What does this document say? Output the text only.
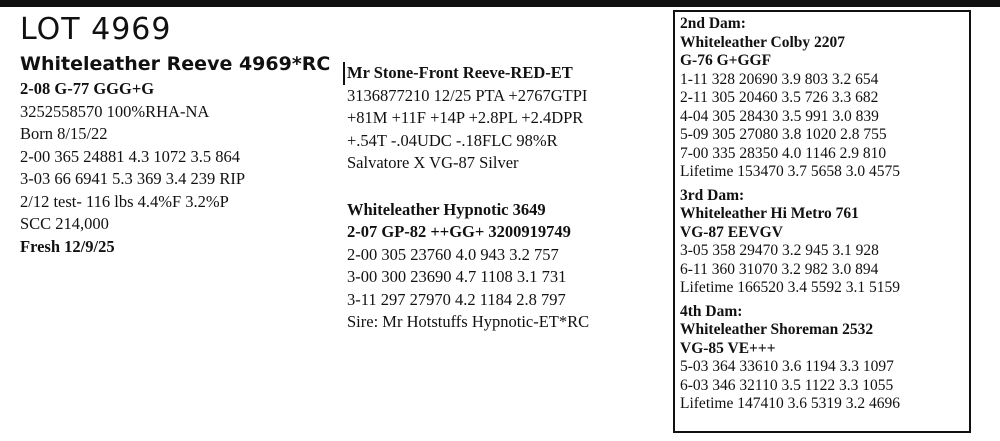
LOT 4969
Whiteleather Reeve 4969*RC
2-08 G-77 GGG+G
3252558570 100%RHA-NA
Born 8/15/22
2-00 365 24881 4.3 1072 3.5 864
3-03 66 6941 5.3 369 3.4 239 RIP
2/12 test- 116 lbs 4.4%F 3.2%P
SCC 214,000
Fresh 12/9/25
Mr Stone-Front Reeve-RED-ET
3136877210 12/25 PTA +2767GTPI
+81M +11F +14P +2.8PL +2.4DPR
+.54T -.04UDC -.18FLC 98%R
Salvatore X VG-87 Silver
Whiteleather Hypnotic 3649
2-07 GP-82 ++GG+ 3200919749
2-00 305 23760 4.0 943 3.2 757
3-00 300 23690 4.7 1108 3.1 731
3-11 297 27970 4.2 1184 2.8 797
Sire: Mr Hotstuffs Hypnotic-ET*RC
2nd Dam:
Whiteleather Colby 2207
G-76 G+GGF
1-11 328 20690 3.9 803 3.2 654
2-11 305 20460 3.5 726 3.3 682
4-04 305 28430 3.5 991 3.0 839
5-09 305 27080 3.8 1020 2.8 755
7-00 335 28350 4.0 1146 2.9 810
Lifetime 153470 3.7 5658 3.0 4575
3rd Dam:
Whiteleather Hi Metro 761
VG-87 EEVGV
3-05 358 29470 3.2 945 3.1 928
6-11 360 31070 3.2 982 3.0 894
Lifetime 166520 3.4 5592 3.1 5159
4th Dam:
Whiteleather Shoreman 2532
VG-85 VE+++
5-03 364 33610 3.6 1194 3.3 1097
6-03 346 32110 3.5 1122 3.3 1055
Lifetime 147410 3.6 5319 3.2 4696
